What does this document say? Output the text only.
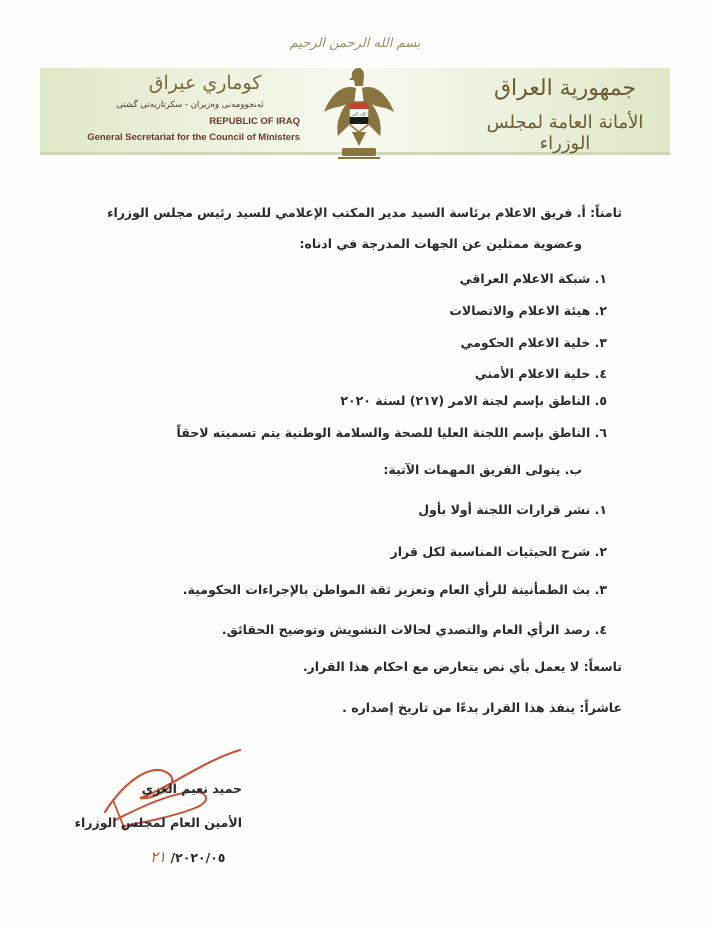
بسم الله الرحمن الرحيم
كوماري عيراق
ئه‌نجوومه‌نى وه‌زيران - سكرتاريه‌تى گشتى
REPUBLIC OF IRAQ
General Secretariat for the Council of Ministers
جمهورية العراق
الأمانة العامة لمجلس الوزراء
الله أكبر
ثامناً: أ. فريق الاعلام برئاسة السيد مدير المكتب الإعلامي للسيد رئيس مجلس الوزراء
وعضوية ممثلين عن الجهات المدرجة في ادناه:
١. شبكة الاعلام العراقي
٢. هيئة الاعلام والاتصالات
٣. خلية الاعلام الحكومي
٤. خلية الاعلام الأمني
٥. الناطق بإسم لجنة الامر (٢١٧) لسنة ٢٠٢٠
٦. الناطق بإسم اللجنة العليا للصحة والسلامة الوطنية يتم تسميته لاحقاً
ب. يتولى الفريق المهمات الآتية:
١. نشر قرارات اللجنة أولا بأول
٢. شرح الحيثيات المناسبة لكل قرار
٣. بث الطمأنينة للرأي العام وتعزيز ثقة المواطن بالإجراءات الحكومية.
٤. رصد الرأي العام والتصدي لحالات التشويش وتوضيح الحقائق.
تاسعاً: لا يعمل بأي نص يتعارض مع احكام هذا القرار.
عاشراً: ينفذ هذا القرار بدءًا من تاريخ إصداره .
حميد نعيم الغزي
الأمين العام لمجلس الوزراء
٢٠٢٠/٠٥/ ٢١
